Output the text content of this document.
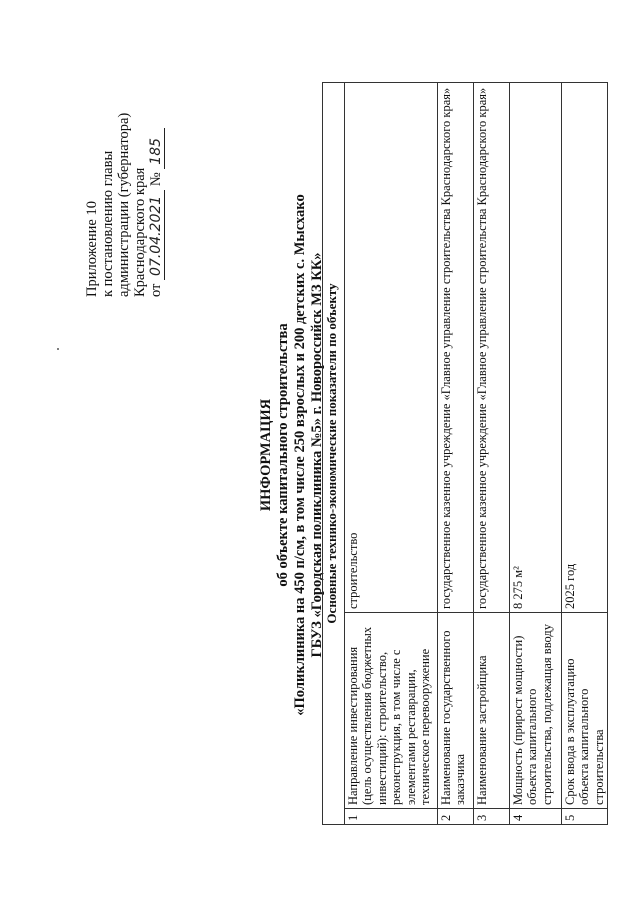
Приложение 10 к постановлению главы администрации (губернатора) Краснодарского края от 07.04.2021 № 185
ИНФОРМАЦИЯ об объекте капитального строительства «Поликлиника на 450 п/см, в том числе 250 взрослых и 200 детских с. Мысхако ГБУЗ «Городская поликлиника №5» г. Новороссийск МЗ КК» Основные технико-экономические показатели по объекту		
1	Направление инвестирования (цель осуществления бюджетных инвестиций): строительство, реконструкция, в том числе с элементами реставрации, техническое перевооружение	строительство
2	Наименование государственного заказчика	государственное казенное учреждение «Главное управление строительства Краснодарского края»
3	Наименование застройщика	государственное казенное учреждение «Главное управление строительства Краснодарского края»
4	Мощность (прирост мощности) объекта капитального строительства, подлежащая вводу	8 275 м²
5	Срок ввода в эксплуатацию объекта капитального строительства	2025 год
